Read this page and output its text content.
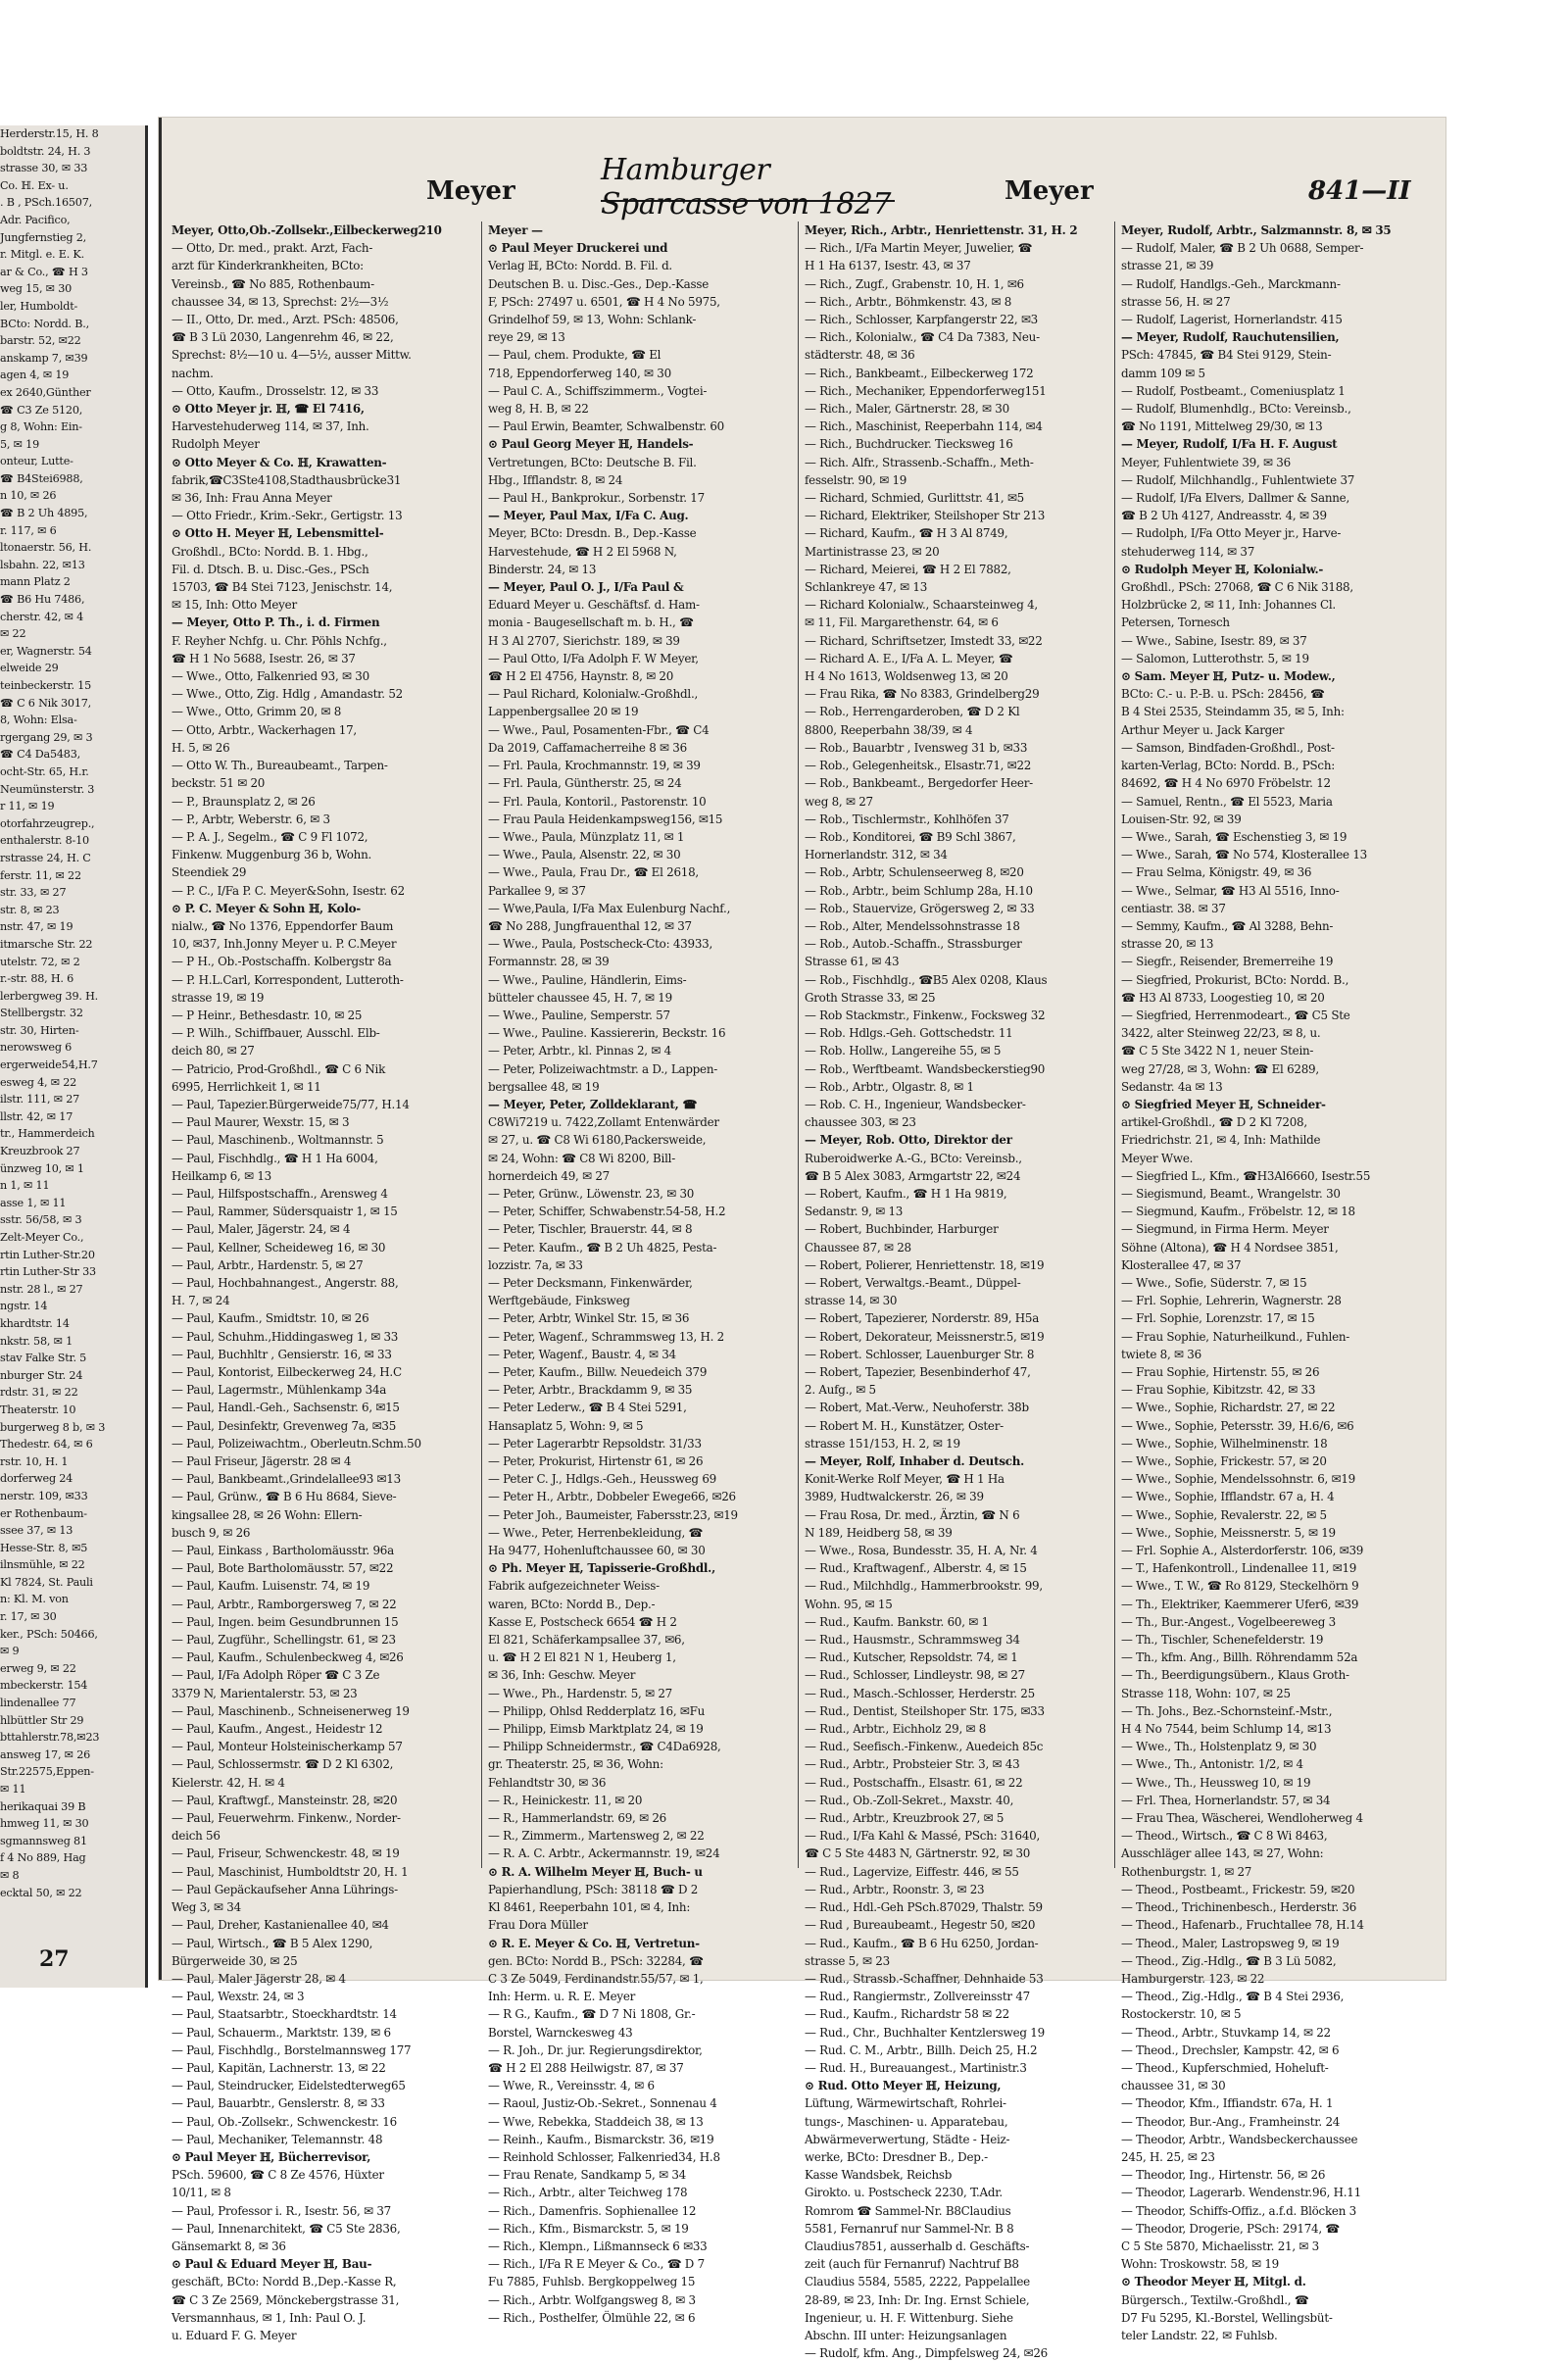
Herderstr.15, H. 8
boldtstr. 24, H. 3
strasse 30, ✉ 33
Co. ℍ. Ex- u.
. B , PSch.16507,
Adr. Pacifico,
Jungfernstieg 2,
r. Mitgl. e. E. K.
ar & Co., ☎ H 3
weg 15, ✉ 30
ler, Humboldt-
BCto: Nordd. B.,
barstr. 52, ✉22
anskamp 7, ✉39
agen 4, ✉ 19
ex 2640,Günther
☎ C3 Ze 5120,
g 8, Wohn: Ein-
5, ✉ 19
onteur, Lutte-
☎ B4Stei6988,
n 10, ✉ 26
☎ B 2 Uh 4895,
r. 117, ✉ 6
ltonaerstr. 56, H.
lsbahn. 22, ✉13
mann Platz 2
☎ B6 Hu 7486,
cherstr. 42, ✉ 4
✉ 22
er, Wagnerstr. 54
elweide 29
teinbeckerstr. 15
☎ C 6 Nik 3017,
8, Wohn: Elsa-
rgergang 29, ✉ 3
☎ C4 Da5483,
ocht-Str. 65, H.r.
Neumünsterstr. 3
r 11, ✉ 19
otorfahrzeugrep.,
enthalerstr. 8-10
rstrasse 24, H. C
ferstr. 11, ✉ 22
str. 33, ✉ 27
str. 8, ✉ 23
nstr. 47, ✉ 19
itmarsche Str. 22
utelstr. 72, ✉ 2
r.-str. 88, H. 6
lerbergweg 39. H.
Stellbergstr. 32
str. 30, Hirten-
nerowsweg 6
ergerweide54,H.7
esweg 4, ✉ 22
ilstr. 111, ✉ 27
llstr. 42, ✉ 17
tr., Hammerdeich
Kreuzbrook 27
ünzweg 10, ✉ 1
n 1, ✉ 11
asse 1, ✉ 11
sstr. 56/58, ✉ 3
Zelt-Meyer Co.,
rtin Luther-Str.20
rtin Luther-Str 33
nstr. 28 l., ✉ 27
ngstr. 14
khardtstr. 14
nkstr. 58, ✉ 1
stav Falke Str. 5
nburger Str. 24
rdstr. 31, ✉ 22
Theaterstr. 10
burgerweg 8 b, ✉ 3
Thedestr. 64, ✉ 6
rstr. 10, H. 1
dorferweg 24
nerstr. 109, ✉33
er Rothenbaum-
ssee 37, ✉ 13
Hesse-Str. 8, ✉5
ilnsmühle, ✉ 22
Kl 7824, St. Pauli
n: Kl. M. von
r. 17, ✉ 30
ker., PSch: 50466,
✉ 9
erweg 9, ✉ 22
mbeckerstr. 154
lindenallee 77
hlbüttler Str 29
bttahlerstr.78,✉23
answeg 17, ✉ 26
Str.22575,Eppen-
✉ 11
herikaquai 39 B
hmweg 11, ✉ 30
sgmannsweg 81
f 4 No 889, Hag
✉ 8
ecktal 50, ✉ 22
27
Meyer
Hamburger Sparcasse von 1827	Meyer	841—II
Meyer, Otto,Ob.-Zollsekr.,Eilbeckerweg210
— Otto, Dr. med., prakt. Arzt, Fach-
arzt für Kinderkrankheiten, BCto:
Vereinsb., ☎ No 885, Rothenbaum-
chaussee 34, ✉ 13, Sprechst: 2½—3½
— II., Otto, Dr. med., Arzt. PSch: 48506,
☎ B 3 Lü 2030, Langenrehm 46, ✉ 22,
Sprechst: 8½—10 u. 4—5½, ausser Mittw.
nachm.
— Otto, Kaufm., Drosselstr. 12, ✉ 33
⊙ Otto Meyer jr. ℍ, ☎ El 7416,
Harvestehuderweg 114, ✉ 37, Inh.
Rudolph Meyer
⊙ Otto Meyer & Co. ℍ, Krawatten-
fabrik,☎C3Ste4108,Stadthausbrücke31
✉ 36, Inh: Frau Anna Meyer
— Otto Friedr., Krim.-Sekr., Gertigstr. 13
⊙ Otto H. Meyer ℍ, Lebensmittel-
Großhdl., BCto: Nordd. B. 1. Hbg.,
Fil. d. Dtsch. B. u. Disc.-Ges., PSch
15703, ☎ B4 Stei 7123, Jenischstr. 14,
✉ 15, Inh: Otto Meyer
— Meyer, Otto P. Th., i. d. Firmen
F. Reyher Nchfg. u. Chr. Pöhls Nchfg.,
☎ H 1 No 5688, Isestr. 26, ✉ 37
— Wwe., Otto, Falkenried 93, ✉ 30
— Wwe., Otto, Zig. Hdlg , Amandastr. 52
— Wwe., Otto, Grimm 20, ✉ 8
— Otto, Arbtr., Wackerhagen 17,
H. 5, ✉ 26
— Otto W. Th., Bureaubeamt., Tarpen-
beckstr. 51 ✉ 20
— P., Braunsplatz 2, ✉ 26
— P., Arbtr, Weberstr. 6, ✉ 3
— P. A. J., Segelm., ☎ C 9 Fl 1072,
Finkenw. Muggenburg 36 b, Wohn.
Steendiek 29
— P. C., I/Fa P. C. Meyer&Sohn, Isestr. 62
⊙ P. C. Meyer & Sohn ℍ, Kolo-
nialw., ☎ No 1376, Eppendorfer Baum
10, ✉37, Inh.Jonny Meyer u. P. C.Meyer
— P H., Ob.-Postschaffn. Kolbergstr 8a
— P. H.L.Carl, Korrespondent, Lutteroth-
strasse 19, ✉ 19
— P Heinr., Bethesdastr. 10, ✉ 25
— P. Wilh., Schiffbauer, Ausschl. Elb-
deich 80, ✉ 27
— Patricio, Prod-Großhdl., ☎ C 6 Nik
6995, Herrlichkeit 1, ✉ 11
— Paul, Tapezier.Bürgerweide75/77, H.14
— Paul Maurer, Wexstr. 15, ✉ 3
— Paul, Maschinenb., Woltmannstr. 5
— Paul, Fischhdlg., ☎ H 1 Ha 6004,
Heilkamp 6, ✉ 13
— Paul, Hilfspostschaffn., Arensweg 4
— Paul, Rammer, Südersquaistr 1, ✉ 15
— Paul, Maler, Jägerstr. 24, ✉ 4
— Paul, Kellner, Scheideweg 16, ✉ 30
— Paul, Arbtr., Hardenstr. 5, ✉ 27
— Paul, Hochbahnangest., Angerstr. 88,
H. 7, ✉ 24
— Paul, Kaufm., Smidtstr. 10, ✉ 26
— Paul, Schuhm.,Hiddingasweg 1, ✉ 33
— Paul, Buchhltr , Gensierstr. 16, ✉ 33
— Paul, Kontorist, Eilbeckerweg 24, H.C
— Paul, Lagermstr., Mühlenkamp 34a
— Paul, Handl.-Geh., Sachsenstr. 6, ✉15
— Paul, Desinfektr, Grevenweg 7a, ✉35
— Paul, Polizeiwachtm., Oberleutn.Schm.50
— Paul Friseur, Jägerstr. 28 ✉ 4
— Paul, Bankbeamt.,Grindelallee93 ✉13
— Paul, Grünw., ☎ B 6 Hu 8684, Sieve-
kingsallee 28, ✉ 26 Wohn: Ellern-
busch 9, ✉ 26
— Paul, Einkass , Bartholomäusstr. 96a
— Paul, Bote Bartholomäusstr. 57, ✉22
— Paul, Kaufm. Luisenstr. 74, ✉ 19
— Paul, Arbtr., Ramborgersweg 7, ✉ 22
— Paul, Ingen. beim Gesundbrunnen 15
— Paul, Zugführ., Schellingstr. 61, ✉ 23
— Paul, Kaufm., Schulenbeckweg 4, ✉26
— Paul, I/Fa Adolph Röper ☎ C 3 Ze
3379 N, Marientalerstr. 53, ✉ 23
— Paul, Maschinenb., Schneisenerweg 19
— Paul, Kaufm., Angest., Heidestr 12
— Paul, Monteur Holsteinischerkamp 57
— Paul, Schlossermstr. ☎ D 2 Kl 6302,
Kielerstr. 42, H. ✉ 4
— Paul, Kraftwgf., Mansteinstr. 28, ✉20
— Paul, Feuerwehrm. Finkenw., Norder-
deich 56
— Paul, Friseur, Schwenckestr. 48, ✉ 19
— Paul, Maschinist, Humboldtstr 20, H. 1
— Paul Gepäckaufseher Anna Lührings-
Weg 3, ✉ 34
— Paul, Dreher, Kastanienallee 40, ✉4
— Paul, Wirtsch., ☎ B 5 Alex 1290,
Bürgerweide 30, ✉ 25
— Paul, Maler Jägerstr 28, ✉ 4
— Paul, Wexstr. 24, ✉ 3
— Paul, Staatsarbtr., Stoeckhardtstr. 14
— Paul, Schauerm., Marktstr. 139, ✉ 6
— Paul, Fischhdlg., Borstelmannsweg 177
— Paul, Kapitän, Lachnerstr. 13, ✉ 22
— Paul, Steindrucker, Eidelstedterweg65
— Paul, Bauarbtr., Genslerstr. 8, ✉ 33
— Paul, Ob.-Zollsekr., Schwenckestr. 16
— Paul, Mechaniker, Telemannstr. 48
⊙ Paul Meyer ℍ, Bücherrevisor,
PSch. 59600, ☎ C 8 Ze 4576, Hüxter
10/11, ✉ 8
— Paul, Professor i. R., Isestr. 56, ✉ 37
— Paul, Innenarchitekt, ☎ C5 Ste 2836,
Gänsemarkt 8, ✉ 36
⊙ Paul & Eduard Meyer ℍ, Bau-
geschäft, BCto: Nordd B.,Dep.-Kasse R,
☎ C 3 Ze 2569, Mönckebergstrasse 31,
Versmannhaus, ✉ 1, Inh: Paul O. J.
u. Eduard F. G. Meyer
Meyer —
⊙ Paul Meyer Druckerei und
Verlag ℍ, BCto: Nordd. B. Fil. d.
Deutschen B. u. Disc.-Ges., Dep.-Kasse
F, PSch: 27497 u. 6501, ☎ H 4 No 5975,
Grindelhof 59, ✉ 13, Wohn: Schlank-
reye 29, ✉ 13
— Paul, chem. Produkte, ☎ El
718, Eppendorferweg 140, ✉ 30
— Paul C. A., Schiffszimmerm., Vogtei-
weg 8, H. B, ✉ 22
— Paul Erwin, Beamter, Schwalbenstr. 60
⊙ Paul Georg Meyer ℍ, Handels-
Vertretungen, BCto: Deutsche B. Fil.
Hbg., Ifflandstr. 8, ✉ 24
— Paul H., Bankprokur., Sorbenstr. 17
— Meyer, Paul Max, I/Fa C. Aug.
Meyer, BCto: Dresdn. B., Dep.-Kasse
Harvestehude, ☎ H 2 El 5968 N,
Binderstr. 24, ✉ 13
— Meyer, Paul O. J., I/Fa Paul &
Eduard Meyer u. Geschäftsf. d. Ham-
monia - Baugesellschaft m. b. H., ☎
H 3 Al 2707, Sierichstr. 189, ✉ 39
— Paul Otto, I/Fa Adolph F. W Meyer,
☎ H 2 El 4756, Haynstr. 8, ✉ 20
— Paul Richard, Kolonialw.-Großhdl.,
Lappenbergsallee 20 ✉ 19
— Wwe., Paul, Posamenten-Fbr., ☎ C4
Da 2019, Caffamacherreihe 8 ✉ 36
— Frl. Paula, Krochmannstr. 19, ✉ 39
— Frl. Paula, Güntherstr. 25, ✉ 24
— Frl. Paula, Kontoril., Pastorenstr. 10
— Frau Paula Heidenkampsweg156, ✉15
— Wwe., Paula, Münzplatz 11, ✉ 1
— Wwe., Paula, Alsenstr. 22, ✉ 30
— Wwe., Paula, Frau Dr., ☎ El 2618,
Parkallee 9, ✉ 37
— Wwe,Paula, I/Fa Max Eulenburg Nachf.,
☎ No 288, Jungfrauenthal 12, ✉ 37
— Wwe., Paula, Postscheck-Cto: 43933,
Formannstr. 28, ✉ 39
— Wwe., Pauline, Händlerin, Eims-
bütteler chaussee 45, H. 7, ✉ 19
— Wwe., Pauline, Semperstr. 57
— Wwe., Pauline. Kassiererin, Beckstr. 16
— Peter, Arbtr., kl. Pinnas 2, ✉ 4
— Peter, Polizeiwachtmstr. a D., Lappen-
bergsallee 48, ✉ 19
— Meyer, Peter, Zolldeklarant, ☎
C8Wi7219 u. 7422,Zollamt Entenwärder
✉ 27, u. ☎ C8 Wi 6180,Packersweide,
✉ 24, Wohn: ☎ C8 Wi 8200, Bill-
hornerdeich 49, ✉ 27
— Peter, Grünw., Löwenstr. 23, ✉ 30
— Peter, Schiffer, Schwabenstr.54-58, H.2
— Peter, Tischler, Brauerstr. 44, ✉ 8
— Peter. Kaufm., ☎ B 2 Uh 4825, Pesta-
lozzistr. 7a, ✉ 33
— Peter Decksmann, Finkenwärder,
Werftgebäude, Finksweg
— Peter, Arbtr, Winkel Str. 15, ✉ 36
— Peter, Wagenf., Schrammsweg 13, H. 2
— Peter, Wagenf., Baustr. 4, ✉ 34
— Peter, Kaufm., Billw. Neuedeich 379
— Peter, Arbtr., Brackdamm 9, ✉ 35
— Peter Lederw., ☎ B 4 Stei 5291,
Hansaplatz 5, Wohn: 9, ✉ 5
— Peter Lagerarbtr Repsoldstr. 31/33
— Peter, Prokurist, Hirtenstr 61, ✉ 26
— Peter C. J., Hdlgs.-Geh., Heussweg 69
— Peter H., Arbtr., Dobbeler Ewege66, ✉26
— Peter Joh., Baumeister, Fabersstr.23, ✉19
— Wwe., Peter, Herrenbekleidung, ☎
Ha 9477, Hohenluftchaussee 60, ✉ 30
⊙ Ph. Meyer ℍ, Tapisserie-Großhdl.,
Fabrik aufgezeichneter Weiss-
waren, BCto: Nordd B., Dep.-
Kasse E, Postscheck 6654 ☎ H 2
El 821, Schäferkampsallee 37, ✉6,
u. ☎ H 2 El 821 N 1, Heuberg 1,
✉ 36, Inh: Geschw. Meyer
— Wwe., Ph., Hardenstr. 5, ✉ 27
— Philipp, Ohlsd Redderplatz 16, ✉Fu
— Philipp, Eimsb Marktplatz 24, ✉ 19
— Philipp Schneidermstr., ☎ C4Da6928,
gr. Theaterstr. 25, ✉ 36, Wohn:
Fehlandtstr 30, ✉ 36
— R., Heinickestr. 11, ✉ 20
— R., Hammerlandstr. 69, ✉ 26
— R., Zimmerm., Martensweg 2, ✉ 22
— R. A. C. Arbtr., Ackermannstr. 19, ✉24
⊙ R. A. Wilhelm Meyer ℍ, Buch- u
Papierhandlung, PSch: 38118 ☎ D 2
Kl 8461, Reeperbahn 101, ✉ 4, Inh:
Frau Dora Müller
⊙ R. E. Meyer & Co. ℍ, Vertretun-
gen. BCto: Nordd B., PSch: 32284, ☎
C 3 Ze 5049, Ferdinandstr.55/57, ✉ 1,
Inh: Herm. u. R. E. Meyer
— R G., Kaufm., ☎ D 7 Ni 1808, Gr.-
Borstel, Warnckesweg 43
— R. Joh., Dr. jur. Regierungsdirektor,
☎ H 2 El 288 Heilwigstr. 87, ✉ 37
— Wwe, R., Vereinsstr. 4, ✉ 6
— Raoul, Justiz-Ob.-Sekret., Sonnenau 4
— Wwe, Rebekka, Staddeich 38, ✉ 13
— Reinh., Kaufm., Bismarckstr. 36, ✉19
— Reinhold Schlosser, Falkenried34, H.8
— Frau Renate, Sandkamp 5, ✉ 34
— Rich., Arbtr., alter Teichweg 178
— Rich., Damenfris. Sophienallee 12
— Rich., Kfm., Bismarckstr. 5, ✉ 19
— Rich., Klempn., Lißmannseck 6 ✉33
— Rich., I/Fa R E Meyer & Co., ☎ D 7
Fu 7885, Fuhlsb. Bergkoppelweg 15
— Rich., Arbtr. Wolfgangsweg 8, ✉ 3
— Rich., Posthelfer, Ölmühle 22, ✉ 6
Meyer, Rich., Arbtr., Henriettenstr. 31, H. 2
— Rich., I/Fa Martin Meyer, Juwelier, ☎
H 1 Ha 6137, Isestr. 43, ✉ 37
— Rich., Zugf., Grabenstr. 10, H. 1, ✉6
— Rich., Arbtr., Böhmkenstr. 43, ✉ 8
— Rich., Schlosser, Karpfangerstr 22, ✉3
— Rich., Kolonialw., ☎ C4 Da 7383, Neu-
städterstr. 48, ✉ 36
— Rich., Bankbeamt., Eilbeckerweg 172
— Rich., Mechaniker, Eppendorferweg151
— Rich., Maler, Gärtnerstr. 28, ✉ 30
— Rich., Maschinist, Reeperbahn 114, ✉4
— Rich., Buchdrucker. Tiecksweg 16
— Rich. Alfr., Strassenb.-Schaffn., Meth-
fesselstr. 90, ✉ 19
— Richard, Schmied, Gurlittstr. 41, ✉5
— Richard, Elektriker, Steilshoper Str 213
— Richard, Kaufm., ☎ H 3 Al 8749,
Martinistrasse 23, ✉ 20
— Richard, Meierei, ☎ H 2 El 7882,
Schlankreye 47, ✉ 13
— Richard Kolonialw., Schaarsteinweg 4,
✉ 11, Fil. Margarethenstr. 64, ✉ 6
— Richard, Schriftsetzer, Imstedt 33, ✉22
— Richard A. E., I/Fa A. L. Meyer, ☎
H 4 No 1613, Woldsenweg 13, ✉ 20
— Frau Rika, ☎ No 8383, Grindelberg29
— Rob., Herrengarderoben, ☎ D 2 Kl
8800, Reeperbahn 38/39, ✉ 4
— Rob., Bauarbtr , Ivensweg 31 b, ✉33
— Rob., Gelegenheitsk., Elsastr.71, ✉22
— Rob., Bankbeamt., Bergedorfer Heer-
weg 8, ✉ 27
— Rob., Tischlermstr., Kohlhöfen 37
— Rob., Konditorei, ☎ B9 Schl 3867,
Hornerlandstr. 312, ✉ 34
— Rob., Arbtr, Schulenseerweg 8, ✉20
— Rob., Arbtr., beim Schlump 28a, H.10
— Rob., Stauervize, Grögersweg 2, ✉ 33
— Rob., Alter, Mendelssohnstrasse 18
— Rob., Autob.-Schaffn., Strassburger
Strasse 61, ✉ 43
— Rob., Fischhdlg., ☎B5 Alex 0208, Klaus
Groth Strasse 33, ✉ 25
— Rob Stackmstr., Finkenw., Focksweg 32
— Rob. Hdlgs.-Geh. Gottschedstr. 11
— Rob. Hollw., Langereihe 55, ✉ 5
— Rob., Werftbeamt. Wandsbeckerstieg90
— Rob., Arbtr., Olgastr. 8, ✉ 1
— Rob. C. H., Ingenieur, Wandsbecker-
chaussee 303, ✉ 23
— Meyer, Rob. Otto, Direktor der
Ruberoidwerke A.-G., BCto: Vereinsb.,
☎ B 5 Alex 3083, Armgartstr 22, ✉24
— Robert, Kaufm., ☎ H 1 Ha 9819,
Sedanstr. 9, ✉ 13
— Robert, Buchbinder, Harburger
Chaussee 87, ✉ 28
— Robert, Polierer, Henriettenstr. 18, ✉19
— Robert, Verwaltgs.-Beamt., Düppel-
strasse 14, ✉ 30
— Robert, Tapezierer, Norderstr. 89, H5a
— Robert, Dekorateur, Meissnerstr.5, ✉19
— Robert. Schlosser, Lauenburger Str. 8
— Robert, Tapezier, Besenbinderhof 47,
2. Aufg., ✉ 5
— Robert, Mat.-Verw., Neuhoferstr. 38b
— Robert M. H., Kunstätzer, Oster-
strasse 151/153, H. 2, ✉ 19
— Meyer, Rolf, Inhaber d. Deutsch.
Konit-Werke Rolf Meyer, ☎ H 1 Ha
3989, Hudtwalckerstr. 26, ✉ 39
— Frau Rosa, Dr. med., Ärztin, ☎ N 6
N 189, Heidberg 58, ✉ 39
— Wwe., Rosa, Bundesstr. 35, H. A, Nr. 4
— Rud., Kraftwagenf., Alberstr. 4, ✉ 15
— Rud., Milchhdlg., Hammerbrookstr. 99,
Wohn. 95, ✉ 15
— Rud., Kaufm. Bankstr. 60, ✉ 1
— Rud., Hausmstr., Schrammsweg 34
— Rud., Kutscher, Repsoldstr. 74, ✉ 1
— Rud., Schlosser, Lindleystr. 98, ✉ 27
— Rud., Masch.-Schlosser, Herderstr. 25
— Rud., Dentist, Steilshoper Str. 175, ✉33
— Rud., Arbtr., Eichholz 29, ✉ 8
— Rud., Seefisch.-Finkenw., Auedeich 85c
— Rud., Arbtr., Probsteier Str. 3, ✉ 43
— Rud., Postschaffn., Elsastr. 61, ✉ 22
— Rud., Ob.-Zoll-Sekret., Maxstr. 40,
— Rud., Arbtr., Kreuzbrook 27, ✉ 5
— Rud., I/Fa Kahl & Massé, PSch: 31640,
☎ C 5 Ste 4483 N, Gärtnerstr. 92, ✉ 30
— Rud., Lagervize, Eiffestr. 446, ✉ 55
— Rud., Arbtr., Roonstr. 3, ✉ 23
— Rud., Hdl.-Geh PSch.87029, Thalstr. 59
— Rud , Bureaubeamt., Hegestr 50, ✉20
— Rud., Kaufm., ☎ B 6 Hu 6250, Jordan-
strasse 5, ✉ 23
— Rud., Strassb.-Schaffner, Dehnhaide 53
— Rud., Rangiermstr., Zollvereinsstr 47
— Rud., Kaufm., Richardstr 58 ✉ 22
— Rud., Chr., Buchhalter Kentzlersweg 19
— Rud. C. M., Arbtr., Billh. Deich 25, H.2
— Rud. H., Bureauangest., Martinistr.3
⊙ Rud. Otto Meyer ℍ, Heizung,
Lüftung, Wärmewirtschaft, Rohrlei-
tungs-, Maschinen- u. Apparatebau,
Abwärmeverwertung, Städte - Heiz-
werke, BCto: Dresdner B., Dep.-
Kasse Wandsbek, Reichsb
Girokto. u. Postscheck 2230, T.Adr.
Romrom ☎ Sammel-Nr. B8Claudius
5581, Fernanruf nur Sammel-Nr. B 8
Claudius7851, ausserhalb d. Geschäfts-
zeit (auch für Fernanruf) Nachtruf B8
Claudius 5584, 5585, 2222, Pappelallee
28-89, ✉ 23, Inh: Dr. Ing. Ernst Schiele,
Ingenieur, u. H. F. Wittenburg. Siehe
Abschn. III unter: Heizungsanlagen
— Rudolf, kfm. Ang., Dimpfelsweg 24, ✉26
Meyer, Rudolf, Arbtr., Salzmannstr. 8, ✉ 35
— Rudolf, Maler, ☎ B 2 Uh 0688, Semper-
strasse 21, ✉ 39
— Rudolf, Handlgs.-Geh., Marckmann-
strasse 56, H. ✉ 27
— Rudolf, Lagerist, Hornerlandstr. 415
— Meyer, Rudolf, Rauchutensilien,
PSch: 47845, ☎ B4 Stei 9129, Stein-
damm 109 ✉ 5
— Rudolf, Postbeamt., Comeniusplatz 1
— Rudolf, Blumenhdlg., BCto: Vereinsb.,
☎ No 1191, Mittelweg 29/30, ✉ 13
— Meyer, Rudolf, I/Fa H. F. August
Meyer, Fuhlentwiete 39, ✉ 36
— Rudolf, Milchhandlg., Fuhlentwiete 37
— Rudolf, I/Fa Elvers, Dallmer & Sanne,
☎ B 2 Uh 4127, Andreasstr. 4, ✉ 39
— Rudolph, I/Fa Otto Meyer jr., Harve-
stehuderweg 114, ✉ 37
⊙ Rudolph Meyer ℍ, Kolonialw.-
Großhdl., PSch: 27068, ☎ C 6 Nik 3188,
Holzbrücke 2, ✉ 11, Inh: Johannes Cl.
Petersen, Tornesch
— Wwe., Sabine, Isestr. 89, ✉ 37
— Salomon, Lutterothstr. 5, ✉ 19
⊙ Sam. Meyer ℍ, Putz- u. Modew.,
BCto: C.- u. P.-B. u. PSch: 28456, ☎
B 4 Stei 2535, Steindamm 35, ✉ 5, Inh:
Arthur Meyer u. Jack Karger
— Samson, Bindfaden-Großhdl., Post-
karten-Verlag, BCto: Nordd. B., PSch:
84692, ☎ H 4 No 6970 Fröbelstr. 12
— Samuel, Rentn., ☎ El 5523, Maria
Louisen-Str. 92, ✉ 39
— Wwe., Sarah, ☎ Eschenstieg 3, ✉ 19
— Wwe., Sarah, ☎ No 574, Klosterallee 13
— Frau Selma, Königstr. 49, ✉ 36
— Wwe., Selmar, ☎ H3 Al 5516, Inno-
centiastr. 38. ✉ 37
— Semmy, Kaufm., ☎ Al 3288, Behn-
strasse 20, ✉ 13
— Siegfr., Reisender, Bremerreihe 19
— Siegfried, Prokurist, BCto: Nordd. B.,
☎ H3 Al 8733, Loogestieg 10, ✉ 20
— Siegfried, Herrenmodeart., ☎ C5 Ste
3422, alter Steinweg 22/23, ✉ 8, u.
☎ C 5 Ste 3422 N 1, neuer Stein-
weg 27/28, ✉ 3, Wohn: ☎ El 6289,
Sedanstr. 4a ✉ 13
⊙ Siegfried Meyer ℍ, Schneider-
artikel-Großhdl., ☎ D 2 Kl 7208,
Friedrichstr. 21, ✉ 4, Inh: Mathilde
Meyer Wwe.
— Siegfried L., Kfm., ☎H3Al6660, Isestr.55
— Siegismund, Beamt., Wrangelstr. 30
— Siegmund, Kaufm., Fröbelstr. 12, ✉ 18
— Siegmund, in Firma Herm. Meyer
Söhne (Altona), ☎ H 4 Nordsee 3851,
Klosterallee 47, ✉ 37
— Wwe., Sofie, Süderstr. 7, ✉ 15
— Frl. Sophie, Lehrerin, Wagnerstr. 28
— Frl. Sophie, Lorenzstr. 17, ✉ 15
— Frau Sophie, Naturheilkund., Fuhlen-
twiete 8, ✉ 36
— Frau Sophie, Hirtenstr. 55, ✉ 26
— Frau Sophie, Kibitzstr. 42, ✉ 33
— Wwe., Sophie, Richardstr. 27, ✉ 22
— Wwe., Sophie, Petersstr. 39, H.6/6, ✉6
— Wwe., Sophie, Wilhelminenstr. 18
— Wwe., Sophie, Frickestr. 57, ✉ 20
— Wwe., Sophie, Mendelssohnstr. 6, ✉19
— Wwe., Sophie, Ifflandstr. 67 a, H. 4
— Wwe., Sophie, Revalerstr. 22, ✉ 5
— Wwe., Sophie, Meissnerstr. 5, ✉ 19
— Frl. Sophie A., Alsterdorferstr. 106, ✉39
— T., Hafenkontroll., Lindenallee 11, ✉19
— Wwe., T. W., ☎ Ro 8129, Steckelhörn 9
— Th., Elektriker, Kaemmerer Ufer6, ✉39
— Th., Bur.-Angest., Vogelbeereweg 3
— Th., Tischler, Schenefelderstr. 19
— Th., kfm. Ang., Billh. Röhrendamm 52a
— Th., Beerdigungsübern., Klaus Groth-
Strasse 118, Wohn: 107, ✉ 25
— Th. Johs., Bez.-Schornsteinf.-Mstr.,
H 4 No 7544, beim Schlump 14, ✉13
— Wwe., Th., Holstenplatz 9, ✉ 30
— Wwe., Th., Antonistr. 1/2, ✉ 4
— Wwe., Th., Heussweg 10, ✉ 19
— Frl. Thea, Hornerlandstr. 57, ✉ 34
— Frau Thea, Wäscherei, Wendloherweg 4
— Theod., Wirtsch., ☎ C 8 Wi 8463,
Ausschläger allee 143, ✉ 27, Wohn:
Rothenburgstr. 1, ✉ 27
— Theod., Postbeamt., Frickestr. 59, ✉20
— Theod., Trichinenbesch., Herderstr. 36
— Theod., Hafenarb., Fruchtallee 78, H.14
— Theod., Maler, Lastropsweg 9, ✉ 19
— Theod., Zig.-Hdlg., ☎ B 3 Lü 5082,
Hamburgerstr. 123, ✉ 22
— Theod., Zig.-Hdlg., ☎ B 4 Stei 2936,
Rostockerstr. 10, ✉ 5
— Theod., Arbtr., Stuvkamp 14, ✉ 22
— Theod., Drechsler, Kampstr. 42, ✉ 6
— Theod., Kupferschmied, Hoheluft-
chaussee 31, ✉ 30
— Theodor, Kfm., Iffiandstr. 67a, H. 1
— Theodor, Bur.-Ang., Framheinstr. 24
— Theodor, Arbtr., Wandsbeckerchaussee
245, H. 25, ✉ 23
— Theodor, Ing., Hirtenstr. 56, ✉ 26
— Theodor, Lagerarb. Wendenstr.96, H.11
— Theodor, Schiffs-Offiz., a.f.d. Blöcken 3
— Theodor, Drogerie, PSch: 29174, ☎
C 5 Ste 5870, Michaelisstr. 21, ✉ 3
Wohn: Troskowstr. 58, ✉ 19
⊙ Theodor Meyer ℍ, Mitgl. d.
Bürgersch., Textilw.-Großhdl., ☎
D7 Fu 5295, Kl.-Borstel, Wellingsbüt-
teler Landstr. 22, ✉ Fuhlsb.
